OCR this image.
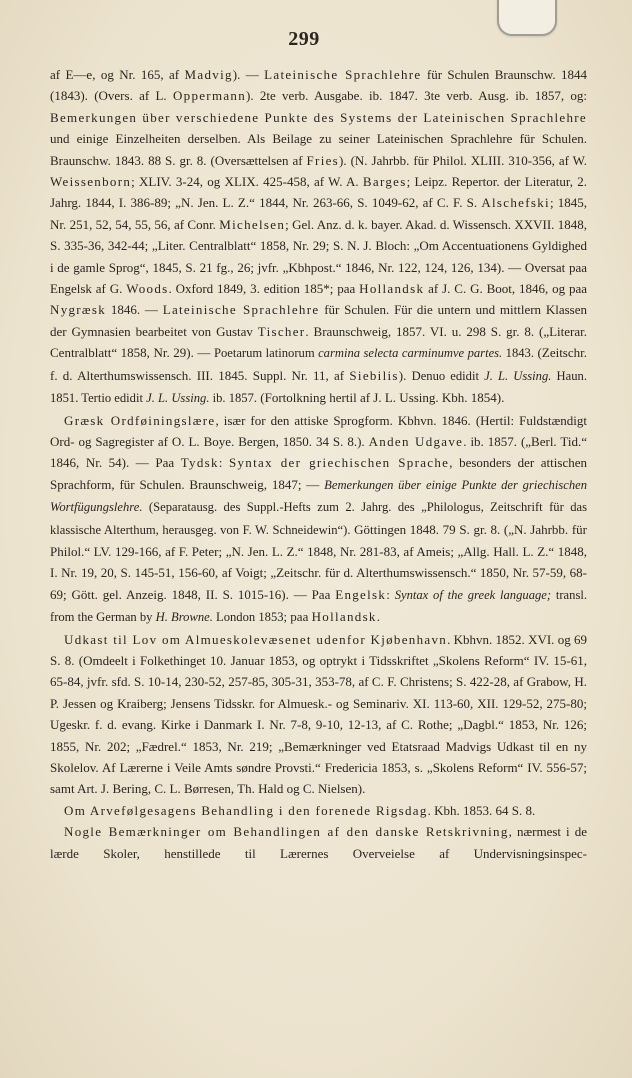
299

af E—e, og Nr. 165, af Madvig). — Lateinische Sprachlehre für Schulen Braunschw. 1844 (1843). (Overs. af L. Oppermann). 2te verb. Ausgabe. ib. 1847. 3te verb. Ausg. ib. 1857, og: Bemerkungen über verschiedene Punkte des Systems der Lateinischen Sprachlehre und einige Einzelheiten derselben. Als Beilage zu seiner Lateinischen Sprachlehre für Schulen. Braunschw. 1843. 88 S. gr. 8. (Oversættelsen af Fries). (N. Jahrbb. für Philol. XLIII. 310-356, af W. Weissenborn; XLIV. 3-24, og XLIX. 425-458, af W. A. Barges; Leipz. Repertor. der Literatur, 2. Jahrg. 1844, I. 386-89; „N. Jen. L. Z.“ 1844, Nr. 263-66, S. 1049-62, af C. F. S. Alschefski; 1845, Nr. 251, 52, 54, 55, 56, af Conr. Michelsen; Gel. Anz. d. k. bayer. Akad. d. Wissensch. XXVII. 1848, S. 335-36, 342-44; „Liter. Centralblatt“ 1858, Nr. 29; S. N. J. Bloch: „Om Accentuationens Gyldighed i de gamle Sprog“, 1845, S. 21 fg., 26; jvfr. „Kbhpost.“ 1846, Nr. 122, 124, 126, 134). — Oversat paa Engelsk af G. Woods. Oxford 1849, 3. edition 185*; paa Hollandsk af J. C. G. Boot, 1846, og paa Nygræsk 1846. — Lateinische Sprachlehre für Schulen. Für die untern und mittlern Klassen der Gymnasien bearbeitet von Gustav Tischer. Braunschweig, 1857. VI. u. 298 S. gr. 8. („Literar. Centralblatt“ 1858, Nr. 29). — Poetarum latinorum carmina selecta carminumve partes. 1843. (Zeitschr. f. d. Alterthumswissensch. III. 1845. Suppl. Nr. 11, af Siebilis). Denuo edidit J. L. Ussing. Haun. 1851. Tertio edidit J. L. Ussing. ib. 1857. (Fortolkning hertil af J. L. Ussing. Kbh. 1854).

Græsk Ordføiningslære, især for den attiske Sprogform. Kbhvn. 1846. (Hertil: Fuldstændigt Ord- og Sagregister af O. L. Boye. Bergen, 1850. 34 S. 8.). Anden Udgave. ib. 1857. („Berl. Tid.“ 1846, Nr. 54). — Paa Tydsk: Syntax der griechischen Sprache, besonders der attischen Sprachform, für Schulen. Braunschweig, 1847; — Bemerkungen über einige Punkte der griechischen Wortfügungslehre. (Separatausg. des Suppl.-Hefts zum 2. Jahrg. des „Philologus, Zeitschrift für das klassische Alterthum, herausgeg. von F. W. Schneidewin“). Göttingen 1848. 79 S. gr. 8. („N. Jahrbb. für Philol.“ LV. 129-166, af F. Peter; „N. Jen. L. Z.“ 1848, Nr. 281-83, af Ameis; „Allg. Hall. L. Z.“ 1848, I. Nr. 19, 20, S. 145-51, 156-60, af Voigt; „Zeitschr. für d. Alterthumswissensch.“ 1850, Nr. 57-59, 68-69; Gött. gel. Anzeig. 1848, II. S. 1015-16). — Paa Engelsk: Syntax of the greek language; transl. from the German by H. Browne. London 1853; paa Hollandsk.

Udkast til Lov om Almueskolevæsenet udenfor Kjøbenhavn. Kbhvn. 1852. XVI. og 69 S. 8. (Omdeelt i Folkethinget 10. Januar 1853, og optrykt i Tidsskriftet „Skolens Reform“ IV. 15-61, 65-84, jvfr. sfd. S. 10-14, 230-52, 257-85, 305-31, 353-78, af C. F. Christens; S. 422-28, af Grabow, H. P. Jessen og Kraiberg; Jensens Tidsskr. for Almuesk.- og Seminariv. XI. 113-60, XII. 129-52, 275-80; Ugeskr. f. d. evang. Kirke i Danmark I. Nr. 7-8, 9-10, 12-13, af C. Rothe; „Dagbl.“ 1853, Nr. 126; 1855, Nr. 202; „Fædrel.“ 1853, Nr. 219; „Bemærkninger ved Etatsraad Madvigs Udkast til en ny Skolelov. Af Lærerne i Veile Amts søndre Provsti.“ Fredericia 1853, s. „Skolens Reform“ IV. 556-57; samt Art. J. Bering, C. L. Børresen, Th. Hald og C. Nielsen).

Om Arvefølgesagens Behandling i den forenede Rigsdag. Kbh. 1853. 64 S. 8.

Nogle Bemærkninger om Behandlingen af den danske Retskrivning, nærmest i de lærde Skoler, henstillede til Lærernes Overveielse af Undervisningsinspec-
